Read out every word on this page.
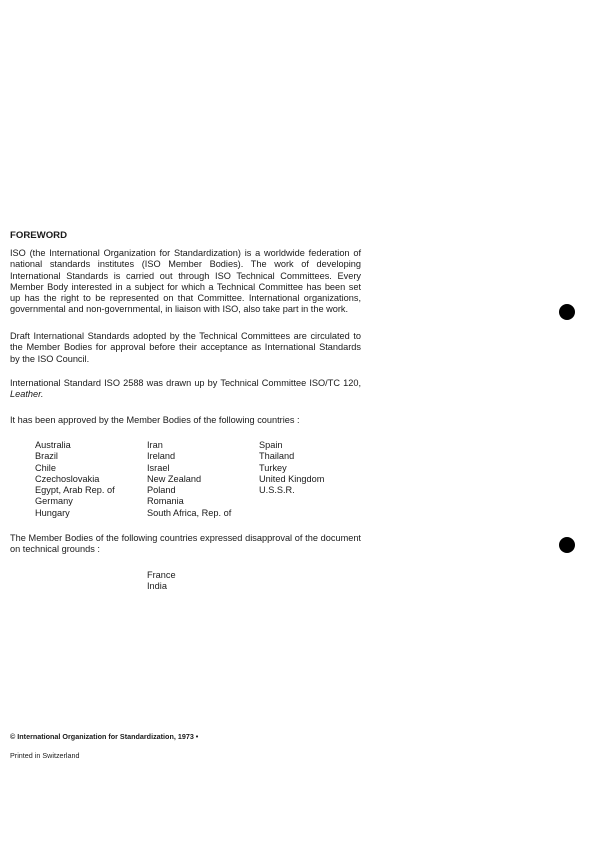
FOREWORD
ISO (the International Organization for Standardization) is a worldwide federation of national standards institutes (ISO Member Bodies). The work of developing International Standards is carried out through ISO Technical Committees. Every Member Body interested in a subject for which a Technical Committee has been set up has the right to be represented on that Committee. International organizations, governmental and non-governmental, in liaison with ISO, also take part in the work.
Draft International Standards adopted by the Technical Committees are circulated to the Member Bodies for approval before their acceptance as International Standards by the ISO Council.
International Standard ISO 2588 was drawn up by Technical Committee ISO/TC 120, Leather.
It has been approved by the Member Bodies of the following countries :
Australia
Brazil
Chile
Czechoslovakia
Egypt, Arab Rep. of
Germany
Hungary
Iran
Ireland
Israel
New Zealand
Poland
Romania
South Africa, Rep. of
Spain
Thailand
Turkey
United Kingdom
U.S.S.R.
The Member Bodies of the following countries expressed disapproval of the document on technical grounds :
France
India
© International Organization for Standardization, 1973 •
Printed in Switzerland
